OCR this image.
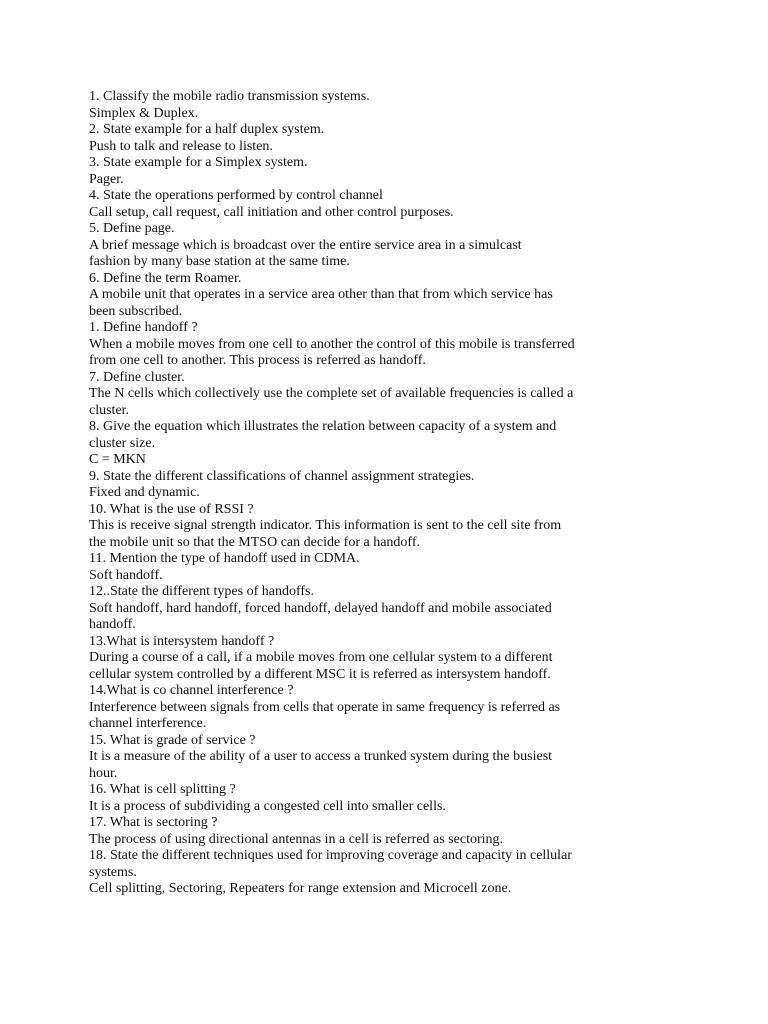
1. Classify the mobile radio transmission systems.
Simplex & Duplex.
2. State example for a half duplex system.
Push to talk and release to listen.
3. State example for a Simplex system.
Pager.
4. State the operations performed by control channel
Call setup, call request, call initiation and other control purposes.
5. Define page.
A brief message which is broadcast over the entire service area in a simulcast
fashion by many base station at the same time.
6. Define the term Roamer.
A mobile unit that operates in a service area other than that from which service has
been subscribed.
1. Define handoff ?
When a mobile moves from one cell to another the control of this mobile is transferred
from one cell to another. This process is referred as handoff.
7. Define cluster.
The N cells which collectively use the complete set of available frequencies is called a
cluster.
8. Give the equation which illustrates the relation between capacity of a system and
cluster size.
C = MKN
9. State the different classifications of channel assignment strategies.
Fixed and dynamic.
10. What is the use of RSSI ?
This is receive signal strength indicator. This information is sent to the cell site from
the mobile unit so that the MTSO can decide for a handoff.
11. Mention the type of handoff used in CDMA.
Soft handoff.
12..State the different types of handoffs.
Soft handoff, hard handoff, forced handoff, delayed handoff and mobile associated
handoff.
13.What is intersystem handoff ?
During a course of a call, if a mobile moves from one cellular system to a different
cellular system controlled by a different MSC it is referred as intersystem handoff.
14.What is co channel interference ?
Interference between signals from cells that operate in same frequency is referred as
channel interference.
15. What is grade of service ?
It is a measure of the ability of a user to access a trunked system during the busiest
hour.
16. What is cell splitting ?
It is a process of subdividing a congested cell into smaller cells.
17. What is sectoring ?
The process of using directional antennas in a cell is referred as sectoring.
18. State the different techniques used for improving coverage and capacity in cellular
systems.
Cell splitting, Sectoring, Repeaters for range extension and Microcell zone.
